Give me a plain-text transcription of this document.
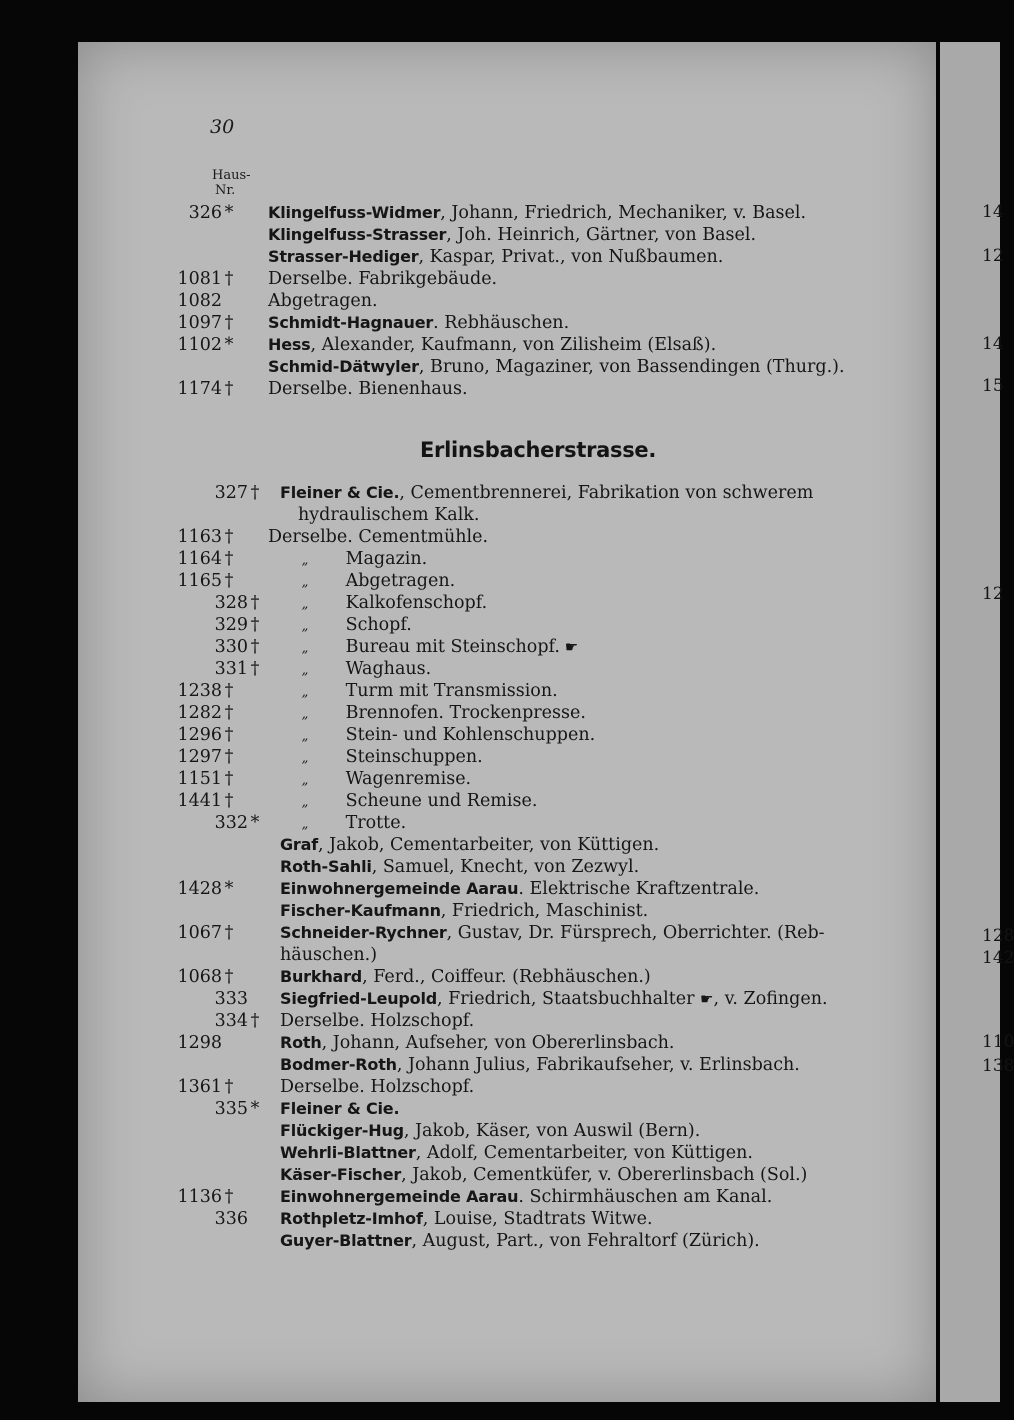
14
12
14
15
12
128
142
110
138
30
Haus-
Nr.
Erlinsbacherstrasse.
326 * Klingelfuss-Widmer, Johann, Friedrich, Mechaniker, v. Basel.
Klingelfuss-Strasser, Joh. Heinrich, Gärtner, von Basel.
Strasser-Hediger, Kaspar, Privat., von Nußbaumen.
1081 † Derselbe. Fabrikgebäude.
1082	Abgetragen.
1097 † Schmidt-Hagnauer. Rebhäuschen.
1102 * Hess, Alexander, Kaufmann, von Zilisheim (Elsaß).
Schmid-Dätwyler, Bruno, Magaziner, von Bassendingen (Thurg.).
1174 † Derselbe. Bienenhaus.
327 † Fleiner & Cie., Cementbrennerei, Fabrikation von schwerem
hydraulischem Kalk.
1163 † Derselbe. Cementmühle.
1164 †	„ Magazin.
1165 †	„ Abgetragen.
328 †	„ Kalkofenschopf.
329 †	„ Schopf.
330 †	„ Bureau mit Steinschopf. ☛
331 †	„ Waghaus.
1238 †	„ Turm mit Transmission.
1282 †	„ Brennofen. Trockenpresse.
1296 †	„ Stein- und Kohlenschuppen.
1297 †	„ Steinschuppen.
1151 †	„ Wagenremise.
1441 †	„ Scheune und Remise.
332 *	„ Trotte.
Graf, Jakob, Cementarbeiter, von Küttigen.
Roth-Sahli, Samuel, Knecht, von Zezwyl.
1428 *	Einwohnergemeinde Aarau. Elektrische Kraftzentrale.
Fischer-Kaufmann, Friedrich, Maschinist.
1067 †	Schneider-Rychner, Gustav, Dr. Fürsprech, Oberrichter. (Reb-
häuschen.)
1068 †	Burkhard, Ferd., Coiffeur. (Rebhäuschen.)
333	Siegfried-Leupold, Friedrich, Staatsbuchhalter ☛, v. Zofingen.
334 † Derselbe. Holzschopf.
1298	Roth, Johann, Aufseher, von Obererlinsbach.
Bodmer-Roth, Johann Julius, Fabrikaufseher, v. Erlinsbach.
1361 †	Derselbe. Holzschopf.
335 * Fleiner & Cie.
Flückiger-Hug, Jakob, Käser, von Auswil (Bern).
Wehrli-Blattner, Adolf, Cementarbeiter, von Küttigen.
Käser-Fischer, Jakob, Cementküfer, v. Obererlinsbach (Sol.)
1136 †	Einwohnergemeinde Aarau. Schirmhäuschen am Kanal.
336	Rothpletz-Imhof, Louise, Stadtrats Witwe.
Guyer-Blattner, August, Part., von Fehraltorf (Zürich).
